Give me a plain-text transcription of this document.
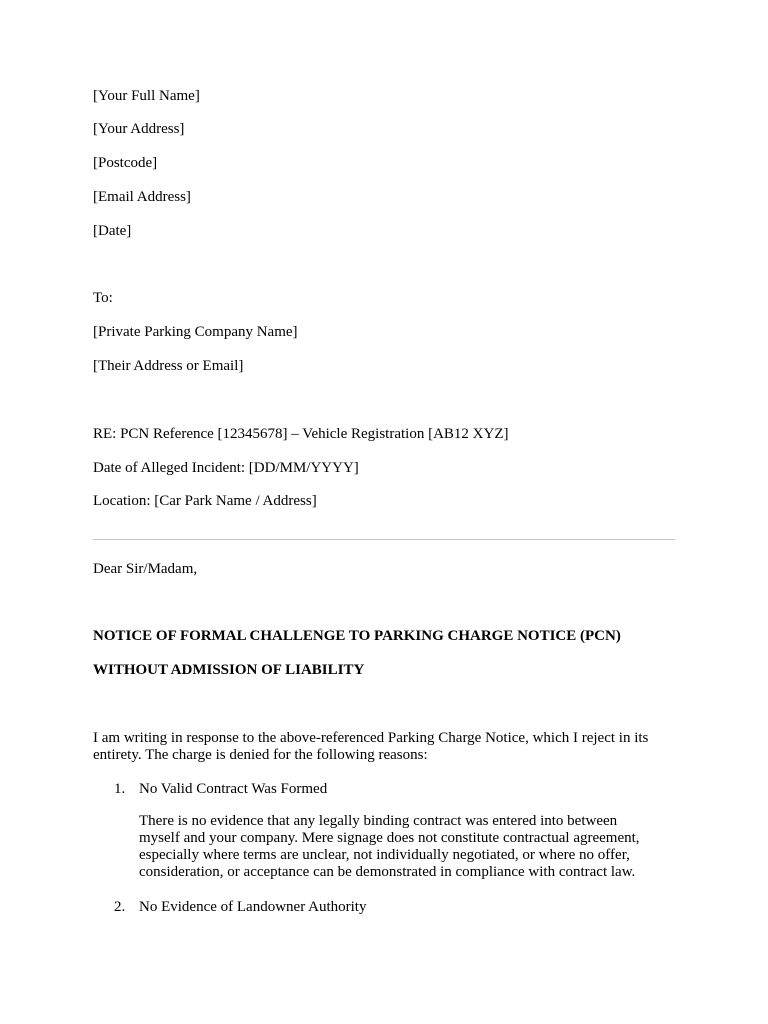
[Your Full Name]
[Your Address]
[Postcode]
[Email Address]
[Date]
To:
[Private Parking Company Name]
[Their Address or Email]
RE: PCN Reference [12345678] – Vehicle Registration [AB12 XYZ]
Date of Alleged Incident: [DD/MM/YYYY]
Location: [Car Park Name / Address]
Dear Sir/Madam,
NOTICE OF FORMAL CHALLENGE TO PARKING CHARGE NOTICE (PCN)
WITHOUT ADMISSION OF LIABILITY
I am writing in response to the above-referenced Parking Charge Notice, which I reject in its
entirety. The charge is denied for the following reasons:
1. No Valid Contract Was Formed
There is no evidence that any legally binding contract was entered into between
myself and your company. Mere signage does not constitute contractual agreement,
especially where terms are unclear, not individually negotiated, or where no offer,
consideration, or acceptance can be demonstrated in compliance with contract law.
2. No Evidence of Landowner Authority
